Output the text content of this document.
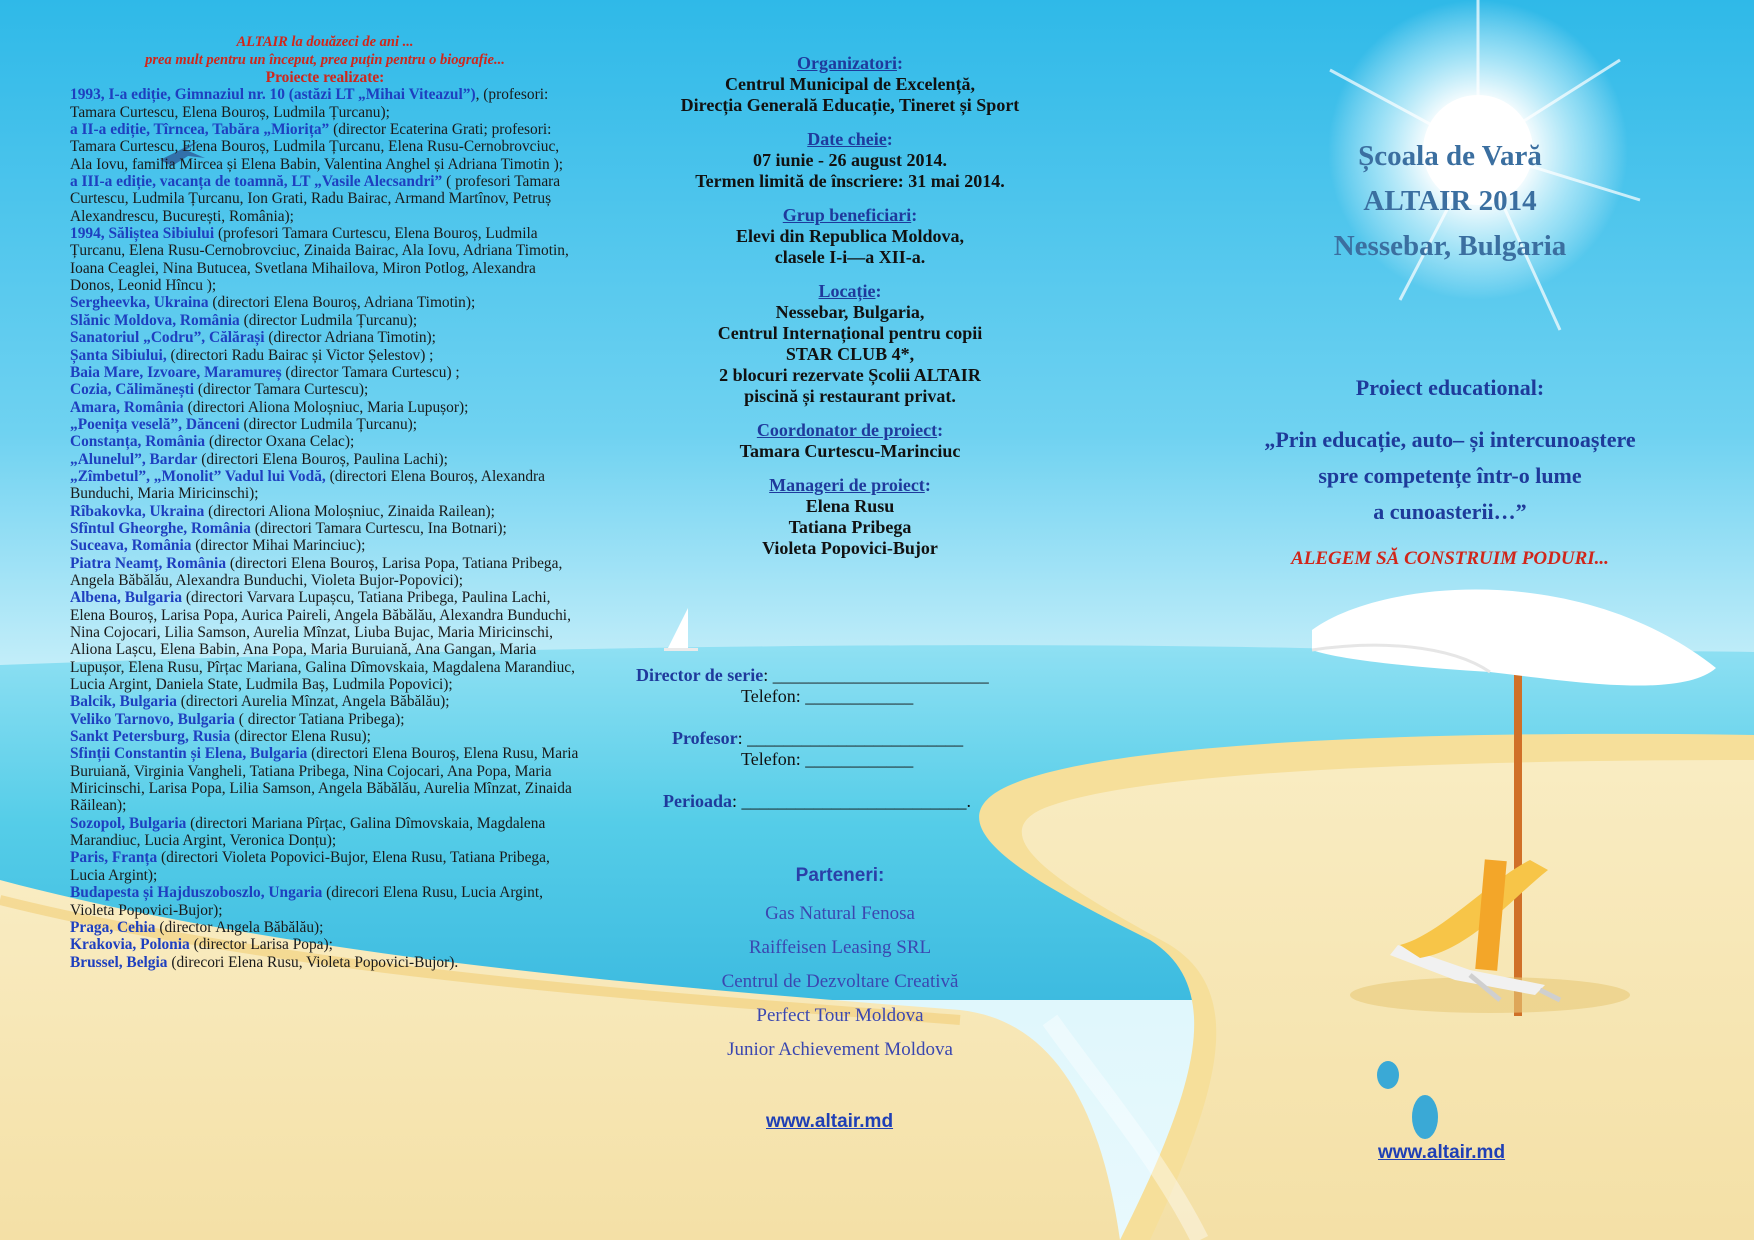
ALTAIR la douăzeci de ani ...
prea mult pentru un început, prea puţin pentru o biografie...
Proiecte realizate:
1993, I-a ediție, Gimnaziul nr. 10 (astăzi LT „Mihai Viteazul”), (profesori: Tamara Curtescu, Elena Bouroș, Ludmila Țurcanu);
a II-a ediție, Tîrncea, Tabăra „Miorița” (director Ecaterina Grati; profesori: Tamara Curtescu, Elena Bouroș, Ludmila Țurcanu, Elena Rusu-Cernobrovciuc, Ala Iovu, familia Mircea și Elena Babin, Valentina Anghel și Adriana Timotin );
a III-a ediție, vacanța de toamnă, LT „Vasile Alecsandri” ( profesori Tamara Curtescu, Ludmila Țurcanu, Ion Grati, Radu Bairac, Armand Martînov, Petruș Alexandrescu, București, România);
1994, Săliștea Sibiului (profesori Tamara Curtescu, Elena Bouroș, Ludmila Țurcanu, Elena Rusu-Cernobrovciuc, Zinaida Bairac, Ala Iovu, Adriana Timotin, Ioana Ceaglei, Nina Butucea, Svetlana Mihailova, Miron Potlog, Alexandra Donos, Leonid Hîncu );
Sergheevka, Ukraina (directori Elena Bouroș, Adriana Timotin);
Slănic Moldova, România (director Ludmila Țurcanu);
Sanatoriul „Codru”, Călărași (director Adriana Timotin);
Șanta Sibiului, (directori Radu Bairac și Victor Șelestov) ;
Baia Mare, Izvoare, Maramureș (director Tamara Curtescu) ;
Cozia, Călimănești (director Tamara Curtescu);
Amara, România (directori Aliona Moloșniuc, Maria Lupușor);
„Poenița veselă”, Dănceni (director Ludmila Țurcanu);
Constanța, România (director Oxana Celac);
„Alunelul”, Bardar (directori Elena Bouroș, Paulina Lachi);
„Zîmbetul”, „Monolit” Vadul lui Vodă, (directori Elena Bouroș, Alexandra Bunduchi, Maria Miricinschi);
Rîbakovka, Ukraina (directori Aliona Moloșniuc, Zinaida Railean);
Sfîntul Gheorghe, România (directori Tamara Curtescu, Ina Botnari);
Suceava, România (director Mihai Marinciuc);
Piatra Neamț, România (directori Elena Bouroș, Larisa Popa, Tatiana Pribega, Angela Băbălău, Alexandra Bunduchi, Violeta Bujor-Popovici);
Albena, Bulgaria (directori Varvara Lupașcu, Tatiana Pribega, Paulina Lachi, Elena Bouroș, Larisa Popa, Aurica Paireli, Angela Băbălău, Alexandra Bunduchi, Nina Cojocari, Lilia Samson, Aurelia Mînzat, Liuba Bujac, Maria Miricinschi, Aliona Lașcu, Elena Babin, Ana Popa, Maria Buruiană, Ana Gangan, Maria Lupușor, Elena Rusu, Pîrțac Mariana, Galina Dîmovskaia, Magdalena Marandiuc, Lucia Argint, Daniela State, Ludmila Baș, Ludmila Popovici);
Balcik, Bulgaria (directori Aurelia Mînzat, Angela Băbălău);
Veliko Tarnovo, Bulgaria ( director Tatiana Pribega);
Sankt Petersburg, Rusia (director Elena Rusu);
Sfinții Constantin și Elena, Bulgaria (directori Elena Bouroș, Elena Rusu, Maria Buruiană, Virginia Vangheli, Tatiana Pribega, Nina Cojocari, Ana Popa, Maria Miricinschi, Larisa Popa, Lilia Samson, Angela Băbălău, Aurelia Mînzat, Zinaida Răilean);
Sozopol, Bulgaria (directori Mariana Pîrțac, Galina Dîmovskaia, Magdalena Marandiuc, Lucia Argint, Veronica Donțu);
Paris, Franța (directori Violeta Popovici-Bujor, Elena Rusu, Tatiana Pribega, Lucia Argint);
Budapesta și Hajduszoboszlo, Ungaria (direcori Elena Rusu, Lucia Argint, Violeta Popovici-Bujor);
Praga, Cehia (director Angela Băbălău);
Krakovia, Polonia (director Larisa Popa);
Brussel, Belgia (direcori Elena Rusu, Violeta Popovici-Bujor).
Organizatori:
Centrul Municipal de Excelență,
Direcția Generală Educație, Tineret și Sport
Date cheie:
07 iunie - 26 august 2014.
Termen limită de înscriere: 31 mai 2014.
Grup beneficiari:
Elevi din Republica Moldova,
clasele I-i—a XII-a.
Locație:
Nessebar, Bulgaria,
Centrul Internațional pentru copii
STAR CLUB 4*,
2 blocuri rezervate Școlii ALTAIR
piscină și restaurant privat.
Coordonator de proiect:
Tamara Curtescu-Marinciuc
Manageri de proiect:
Elena Rusu
Tatiana Pribega
Violeta Popovici-Bujor
Director de serie: ________________________
Telefon: ____________
Profesor: ________________________
Telefon: ____________
Perioada: _________________________.
Parteneri:
Gas Natural Fenosa
Raiffeisen Leasing SRL
Centrul de Dezvoltare Creativă
Perfect Tour Moldova
Junior Achievement Moldova
www.altair.md
Școala de Vară
ALTAIR 2014
Nessebar, Bulgaria
Proiect educational:
„Prin educație, auto– și intercunoaștere
spre competențe într-o lume
a cunoasterii…”
ALEGEM SĂ CONSTRUIM PODURI...
www.altair.md
